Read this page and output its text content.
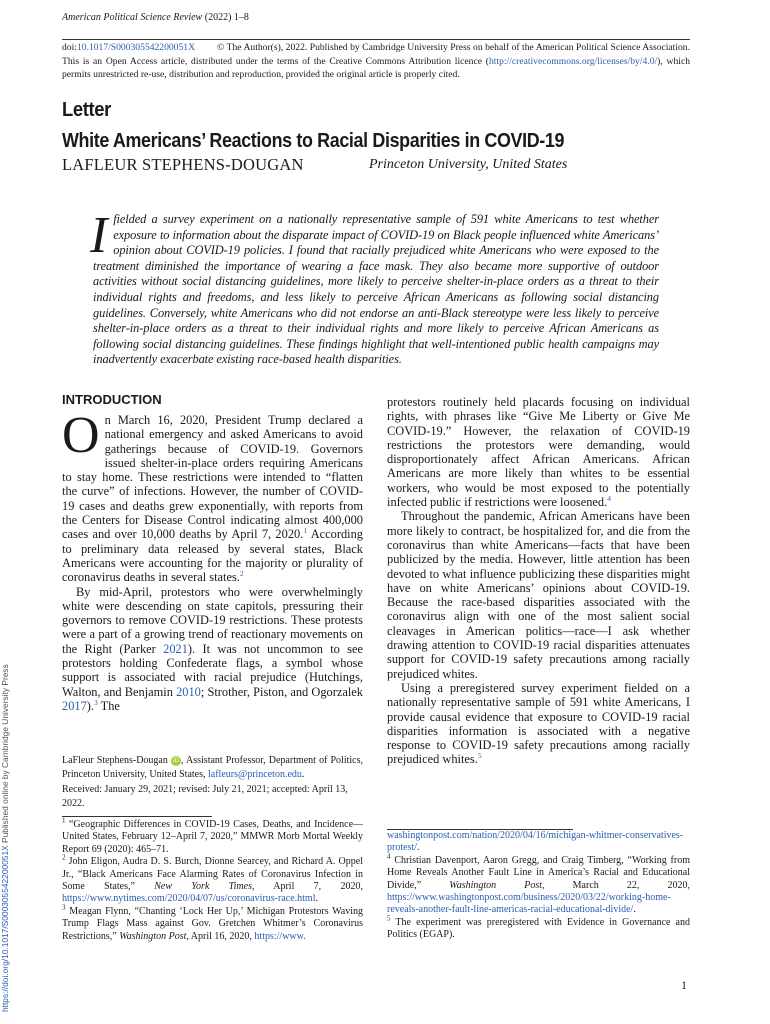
American Political Science Review (2022) 1–8
doi:10.1017/S000305542200051X © The Author(s), 2022. Published by Cambridge University Press on behalf of the American Political Science Association. This is an Open Access article, distributed under the terms of the Creative Commons Attribution licence (http://creativecommons.org/licenses/by/4.0/), which permits unrestricted re-use, distribution and reproduction, provided the original article is properly cited.
Letter
White Americans’ Reactions to Racial Disparities in COVID-19
LAFLEUR STEPHENS-DOUGAN	Princeton University, United States
Ifielded a survey experiment on a nationally representative sample of 591 white Americans to test whether exposure to information about the disparate impact of COVID-19 on Black people influenced white Americans’ opinion about COVID-19 policies. I found that racially prejudiced white Americans who were exposed to the treatment diminished the importance of wearing a face mask. They also became more supportive of outdoor activities without social distancing guidelines, more likely to perceive shelter-in-place orders as a threat to their individual rights and freedoms, and less likely to perceive African Americans as following social distancing guidelines. Conversely, white Americans who did not endorse an anti-Black stereotype were less likely to perceive shelter-in-place orders as a threat to their individual rights and more likely to perceive African Americans as following social distancing guidelines. These findings highlight that well-intentioned public health campaigns may inadvertently exacerbate existing race-based health disparities.
INTRODUCTION

On March 16, 2020, President Trump declared a national emergency and asked Americans to avoid gatherings because of COVID-19. Governors issued shelter-in-place orders requiring Americans to stay home. These restrictions were intended to “flatten the curve” of infections. However, the number of COVID-19 cases and deaths grew exponentially, with reports from the Centers for Disease Control indicating almost 400,000 cases and over 10,000 deaths by April 7, 2020.$^1$ According to preliminary data released by several states, Black Americans were accounting for the majority or plurality of coronavirus deaths in several states.$^2$

By mid-April, protestors who were overwhelmingly white were descending on state capitols, pressuring their governors to remove COVID-19 restrictions. These protests were a part of a growing trend of reactionary movements on the Right (Parker 2021). It was not uncommon to see protestors holding Confederate flags, a symbol whose support is associated with racial prejudice (Hutchings, Walton, and Benjamin 2010; Strother, Piston, and Ogorzalek 2017).$^3$ The

protestors routinely held placards focusing on individual rights, with phrases like “Give Me Liberty or Give Me COVID-19.” However, the relaxation of COVID-19 restrictions the protestors were demanding, would disproportionately affect African Americans. African Americans are more likely than whites to be essential workers, who would be most exposed to the potentially infected public if restrictions were loosened.$^4$

Throughout the pandemic, African Americans have been more likely to contract, be hospitalized for, and die from the coronavirus than white Americans—facts that have been publicized by the media. However, little attention has been devoted to what influence publicizing these disparities might have on white Americans’ opinions about COVID-19. Because the race-based disparities associated with the coronavirus align with one of the most salient social cleavages in American politics—race—I ask whether drawing attention to COVID-19 racial disparities attenuates support for COVID-19 safety precautions among racially prejudiced whites.

Using a preregistered survey experiment fielded on a nationally representative sample of 591 white Americans, I provide causal evidence that exposure to COVID-19 racial disparities information is associated with a negative response to COVID-19 safety precautions among racially prejudiced whites.$^5$

LaFleur Stephens-Dougan iD , Assistant Professor, Department of Politics, Princeton University, United States, lafleurs@princeton.edu.
Received: January 29, 2021; revised: July 21, 2021; accepted: April 13, 2022.

$^1$ “Geographic Differences in COVID-19 Cases, Deaths, and Incidence—United States, February 12–April 7, 2020,” MMWR Morb Mortal Weekly Report 69 (2020): 465–71.

$^2$ John Eligon, Audra D. S. Burch, Dionne Searcey, and Richard A. Oppel Jr., “Black Americans Face Alarming Rates of Coronavirus Infection in Some States,” New York Times, April 7, 2020, https://www.nytimes.com/2020/04/07/us/coronavirus-race.html.

$^3$ Meagan Flynn, “Chanting ‘Lock Her Up,’ Michigan Protestors Waving Trump Flags Mass against Gov. Gretchen Whitmer’s Coronavirus Restrictions,” Washington Post, April 16, 2020, https://www.

washingtonpost.com/nation/2020/04/16/michigan-whitmer-conservatives-protest/.

$^4$ Christian Davenport, Aaron Gregg, and Craig Timberg, “Working from Home Reveals Another Fault Line in America’s Racial and Educational Divide,” Washington Post, March 22, 2020, https://www.washingtonpost.com/business/2020/03/22/working-home-reveals-another-fault-line-americas-racial-educational-divide/.

$^5$ The experiment was preregistered with Evidence in Governance and Politics (EGAP).

https://doi.org/10.1017/S000305542200051X Published online by Cambridge University Press
1
